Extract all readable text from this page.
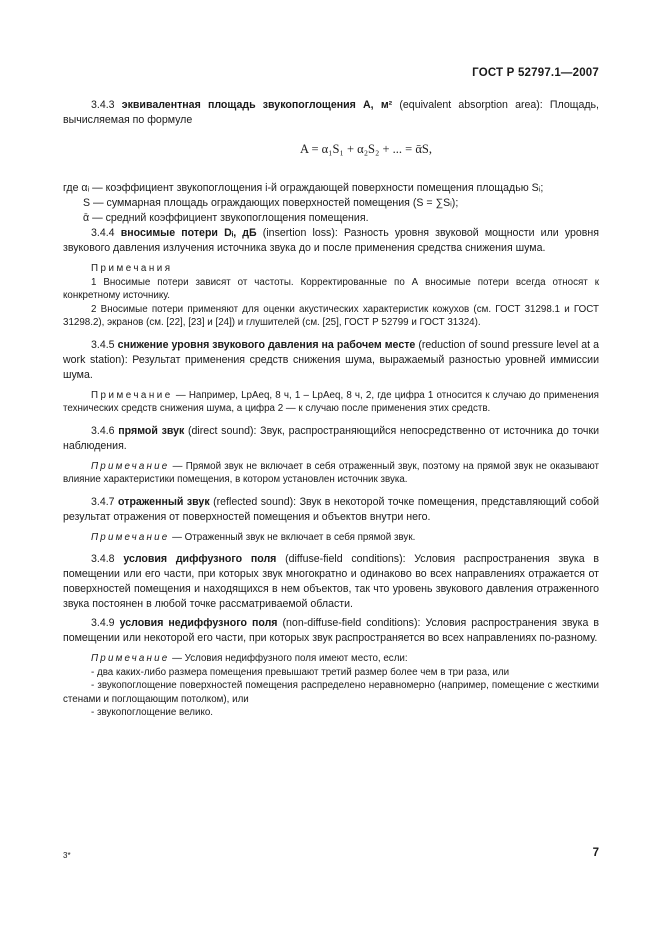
ГОСТ Р 52797.1—2007

3.4.3 эквивалентная площадь звукопоглощения А, м² (equivalent absorption area): Площадь, вычисляемая по формуле

A = α₁S₁ + α₂S₂ + ... = ᾱS,

где αᵢ — коэффициент звукопоглощения i-й ограждающей поверхности помещения площадью Sᵢ;

S — суммарная площадь ограждающих поверхностей помещения (S = ∑Sᵢ);

ᾱ — средний коэффициент звукопоглощения помещения.

3.4.4 вносимые потери Dᵢ, дБ (insertion loss): Разность уровня звуковой мощности или уровня звукового давления излучения источника звука до и после применения средства снижения шума.

Примечания

1 Вносимые потери зависят от частоты. Корректированные по А вносимые потери всегда относят к конкретному источнику.

2 Вносимые потери применяют для оценки акустических характеристик кожухов (см. ГОСТ 31298.1 и ГОСТ 31298.2), экранов (см. [22], [23] и [24]) и глушителей (см. [25], ГОСТ Р 52799 и ГОСТ 31324).

3.4.5 снижение уровня звукового давления на рабочем месте (reduction of sound pressure level at a work station): Результат применения средств снижения шума, выражаемый разностью уровней иммиссии шума.

Примечание — Например, LpAeq, 8 ч, 1 – LpAeq, 8 ч, 2, где цифра 1 относится к случаю до применения технических средств снижения шума, а цифра 2 — к случаю после применения этих средств.

3.4.6 прямой звук (direct sound): Звук, распространяющийся непосредственно от источника до точки наблюдения.

Примечание — Прямой звук не включает в себя отраженный звук, поэтому на прямой звук не оказывают влияние характеристики помещения, в котором установлен источник звука.

3.4.7 отраженный звук (reflected sound): Звук в некоторой точке помещения, представляющий собой результат отражения от поверхностей помещения и объектов внутри него.

Примечание — Отраженный звук не включает в себя прямой звук.

3.4.8 условия диффузного поля (diffuse-field conditions): Условия распространения звука в помещении или его части, при которых звук многократно и одинаково во всех направлениях отражается от поверхностей помещения и находящихся в нем объектов, так что уровень звукового давления отраженного звука постоянен в любой точке рассматриваемой области.

3.4.9 условия недиффузного поля (non-diffuse-field conditions): Условия распространения звука в помещении или некоторой его части, при которых звук распространяется во всех направлениях по-разному.

Примечание — Условия недиффузного поля имеют место, если:

- два каких-либо размера помещения превышают третий размер более чем в три раза, или

- звукопоглощение поверхностей помещения распределено неравномерно (например, помещение с жесткими стенами и поглощающим потолком), или

- звукопоглощение велико.

3*	7
